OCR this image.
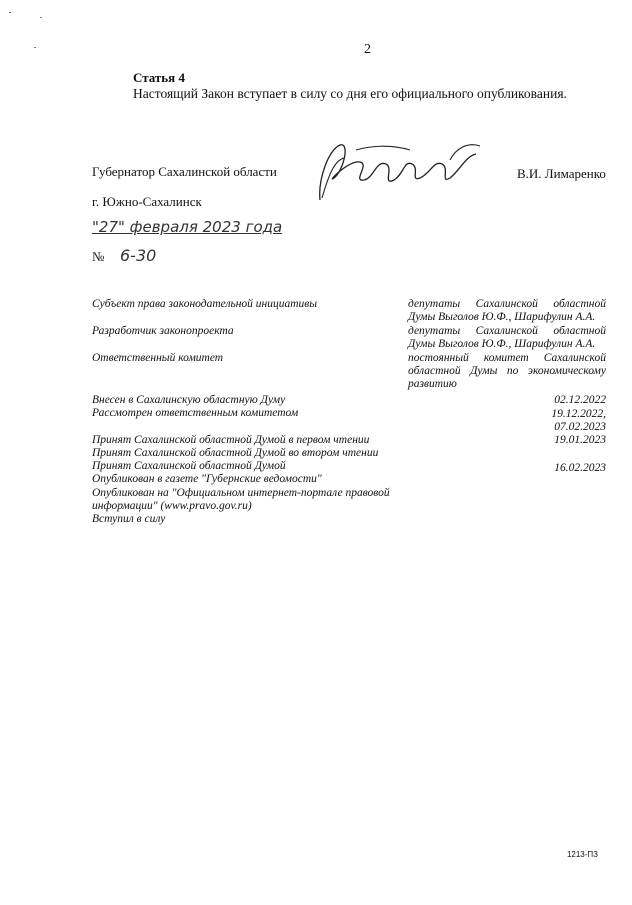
2
Статья 4
Настоящий Закон вступает в силу со дня его официального опубликования.
Губернатор Сахалинской области	В.И. Лимаренко
г. Южно-Сахалинск
"27" февраля 2023 года
№ 6-30
Субъект права законодательной инициативы	депутаты Сахалинской областной Думы Выголов Ю.Ф., Шарифулин А.А.
Разработчик законопроекта	депутаты Сахалинской областной Думы Выголов Ю.Ф., Шарифулин А.А.
Ответственный комитет	постоянный комитет Сахалинской областной Думы по экономическому развитию
Внесен в Сахалинскую областную Думу	02.12.2022
Рассмотрен ответственным комитетом	19.12.2022,
07.02.2023
Принят Сахалинской областной Думой в первом чтении	19.01.2023
Принят Сахалинской областной Думой во втором чтении
Принят Сахалинской областной Думой	16.02.2023
Опубликован в газете "Губернские ведомости"
Опубликован на "Официальном интернет-портале правовой информации" (www.pravo.gov.ru)
Вступил в силу
1213-ПЗ
